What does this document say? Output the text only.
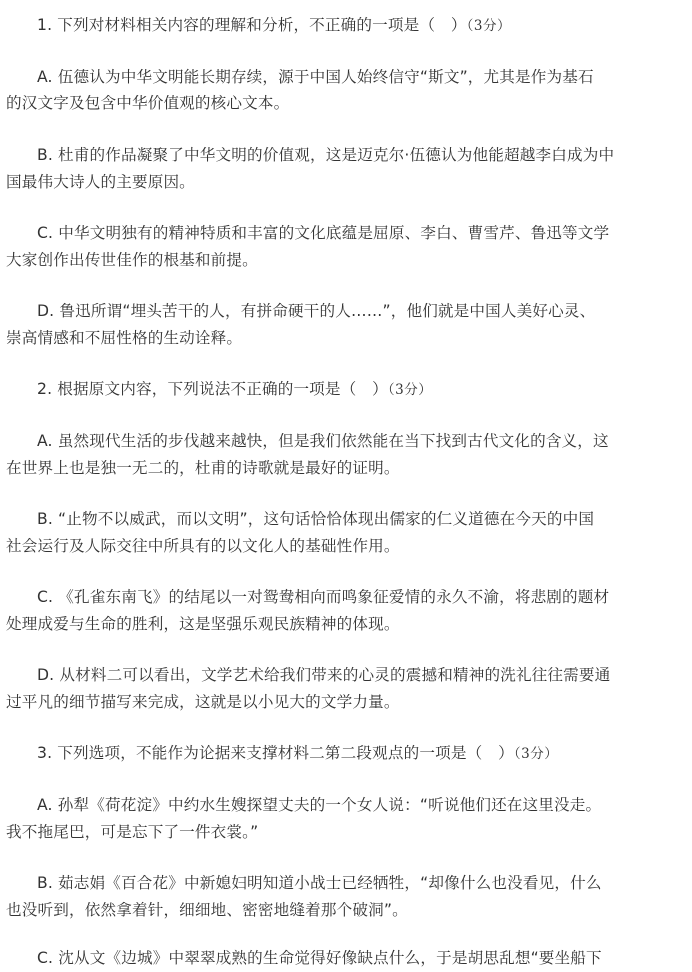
1. 下列对材料相关内容的理解和分析，不正确的一项是（　）（3分）
A. 伍德认为中华文明能长期存续，源于中国人始终信守“斯文”，尤其是作为基石
的汉文字及包含中华价值观的核心文本。
B. 杜甫的作品凝聚了中华文明的价值观，这是迈克尔·伍德认为他能超越李白成为中
国最伟大诗人的主要原因。
C. 中华文明独有的精神特质和丰富的文化底蕴是屈原、李白、曹雪芹、鲁迅等文学
大家创作出传世佳作的根基和前提。
D. 鲁迅所谓“埋头苦干的人，有拼命硬干的人……”，他们就是中国人美好心灵、
崇高情感和不屈性格的生动诠释。
2. 根据原文内容，下列说法不正确的一项是（　）（3分）
A. 虽然现代生活的步伐越来越快，但是我们依然能在当下找到古代文化的含义，这
在世界上也是独一无二的，杜甫的诗歌就是最好的证明。
B. “止物不以威武，而以文明”，这句话恰恰体现出儒家的仁义道德在今天的中国
社会运行及人际交往中所具有的以文化人的基础性作用。
C. 《孔雀东南飞》的结尾以一对鸳鸯相向而鸣象征爱情的永久不渝，将悲剧的题材
处理成爱与生命的胜利，这是坚强乐观民族精神的体现。
D. 从材料二可以看出，文学艺术给我们带来的心灵的震撼和精神的洗礼往往需要通
过平凡的细节描写来完成，这就是以小见大的文学力量。
3. 下列选项，不能作为论据来支撑材料二第二段观点的一项是（　）（3分）
A. 孙犁《荷花淀》中约水生嫂探望丈夫的一个女人说：“听说他们还在这里没走。
我不拖尾巴，可是忘下了一件衣裳。”
B. 茹志娟《百合花》中新媳妇明知道小战士已经牺牲，“却像什么也没看见，什么
也没听到，依然拿着针，细细地、密密地缝着那个破洞”。
C. 沈从文《边城》中翠翠成熟的生命觉得好像缺点什么，于是胡思乱想“要坐船下
